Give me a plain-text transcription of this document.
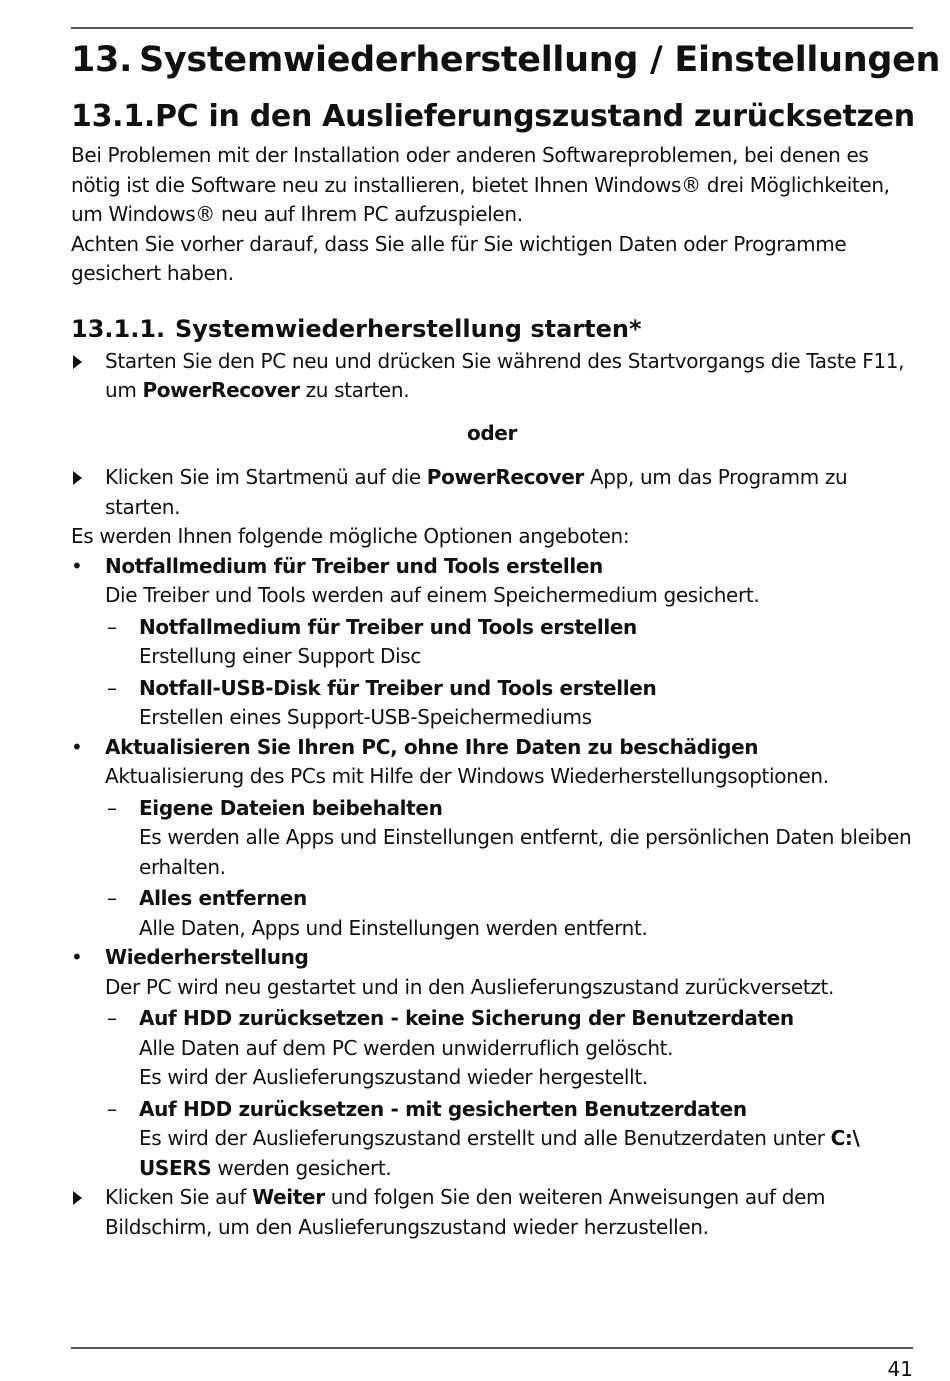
13. Systemwiederherstellung / Einstellungen
13.1.PC in den Auslieferungszustand zurücksetzen

Bei Problemen mit der Installation oder anderen Softwareproblemen, bei denen es nötig ist die Software neu zu installieren, bietet Ihnen Windows® drei Möglichkeiten, um Windows® neu auf Ihrem PC aufzuspielen.

Achten Sie vorher darauf, dass Sie alle für Sie wichtigen Daten oder Programme gesichert haben.

13.1.1. Systemwiederherstellung starten*
Starten Sie den PC neu und drücken Sie während des Startvorgangs die Taste F11, um PowerRecover zu starten.

oder

Klicken Sie im Startmenü auf die PowerRecover App, um das Programm zu starten.

Es werden Ihnen folgende mögliche Optionen angeboten:

• Notfallmedium für Treiber und Tools erstellen
Die Treiber und Tools werden auf einem Speichermedium gesichert.
– Notfallmedium für Treiber und Tools erstellen
Erstellung einer Support Disc
– Notfall-USB-Disk für Treiber und Tools erstellen
Erstellen eines Support-USB-Speichermediums
• Aktualisieren Sie Ihren PC, ohne Ihre Daten zu beschädigen
Aktualisierung des PCs mit Hilfe der Windows Wiederherstellungsoptionen.
– Eigene Dateien beibehalten
Es werden alle Apps und Einstellungen entfernt, die persönlichen Daten bleiben erhalten.
– Alles entfernen
Alle Daten, Apps und Einstellungen werden entfernt.
• Wiederherstellung
Der PC wird neu gestartet und in den Auslieferungszustand zurückversetzt.
– Auf HDD zurücksetzen - keine Sicherung der Benutzerdaten
Alle Daten auf dem PC werden unwiderruflich gelöscht.
Es wird der Auslieferungszustand wieder hergestellt.
– Auf HDD zurücksetzen - mit gesicherten Benutzerdaten
Es wird der Auslieferungszustand erstellt und alle Benutzerdaten unter C:\ USERS werden gesichert.
Klicken Sie auf Weiter und folgen Sie den weiteren Anweisungen auf dem Bildschirm, um den Auslieferungszustand wieder herzustellen.
41
